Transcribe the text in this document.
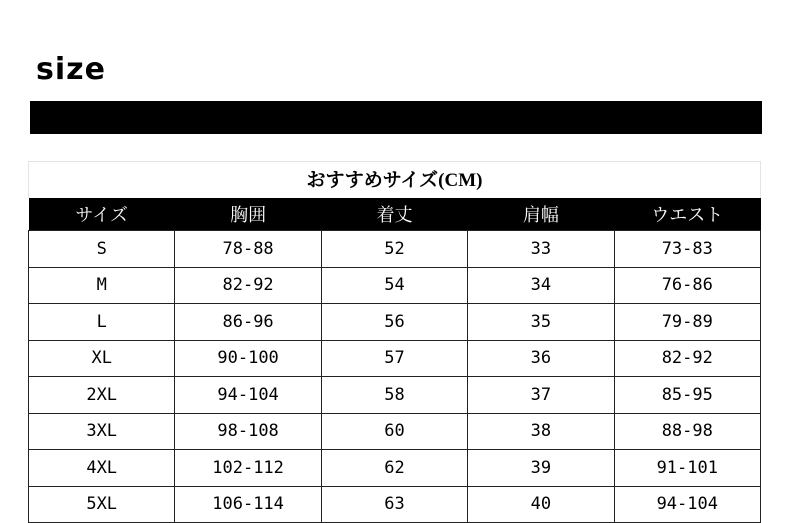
size
おすすめサイズ(CM)
サイズ	胸囲	着丈	肩幅	ウエスト
S	78-88	52	33	73-83
M	82-92	54	34	76-86
L	86-96	56	35	79-89
XL	90-100	57	36	82-92
2XL	94-104	58	37	85-95
3XL	98-108	60	38	88-98
4XL	102-112	62	39	91-101
5XL	106-114	63	40	94-104
